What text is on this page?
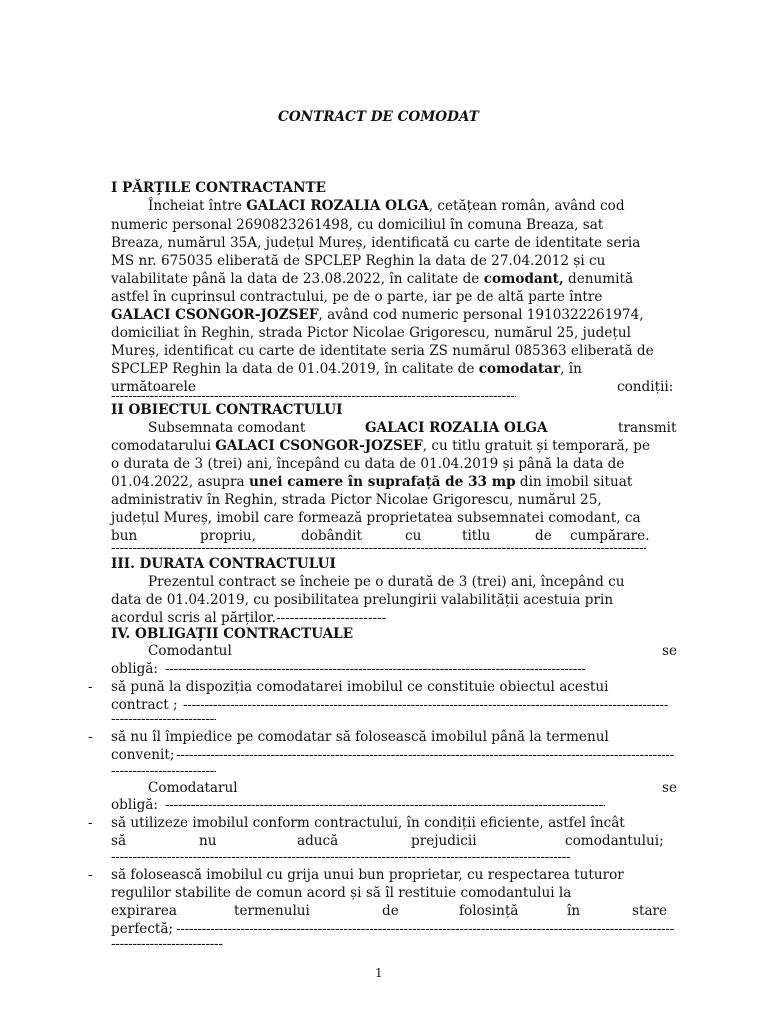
CONTRACT DE COMODAT
I PĂRȚILE CONTRACTANTE
Încheiat între GALACI ROZALIA OLGA, cetățean român, având cod
numeric personal 2690823261498, cu domiciliul în comuna Breaza, sat
Breaza, numărul 35A, județul Mureș, identificată cu carte de identitate seria
MS nr. 675035 eliberată de SPCLEP Reghin la data de 27.04.2012 și cu
valabilitate până la data de 23.08.2022, în calitate de comodant, denumită
astfel în cuprinsul contractului, pe de o parte, iar pe de altă parte între
GALACI CSONGOR-JOZSEF, având cod numeric personal 1910322261974,
domiciliat în Reghin, strada Pictor Nicolae Grigorescu, numărul 25, județul
Mureș, identificat cu carte de identitate seria ZS numărul 085363 eliberată de
SPCLEP Reghin la data de 01.04.2019, în calitate de comodatar, în
următoarele	condiții:
-----
II OBIECTUL CONTRACTULUI
Subsemnata comodant	GALACI ROZALIA OLGA	transmit
comodatarului GALACI CSONGOR-JOZSEF, cu titlu gratuit și temporară, pe
o durata de 3 (trei) ani, începând cu data de 01.04.2019 și până la data de
01.04.2022, asupra unei camere în suprafață de 33 mp din imobil situat
administrativ în Reghin, strada Pictor Nicolae Grigorescu, numărul 25,
județul Mureș, imobil care formează proprietatea subsemnatei comodant, ca
bun	propriu,	dobândit	cu	titlu	de cumpărare.
-----
III. DURATA CONTRACTULUI
Prezentul contract se încheie pe o durată de 3 (trei) ani, începând cu
data de 01.04.2019, cu posibilitatea prelungirii valabilității acestuia prin
acordul scris al părților.------------------------
IV. OBLIGAȚII CONTRACTUALE
Comodantul	se
obligă:
-----
- să pună la dispoziția comodatarei imobilul ce constituie obiectul acestui
contract ;
-----
-----
- să nu îl împiedice pe comodatar să folosească imobilul până la termenul
convenit;
-----
-----
Comodatarul	se
obligă:
-----
- să utilizeze imobilul conform contractului, în condiții eficiente, astfel încât
să	nu	aducă	prejudicii	comodantului;
-----
- să folosească imobilul cu grija unui bun proprietar, cu respectarea tuturor
regulilor stabilite de comun acord și să îl restituie comodantului la
expirarea	termenului	de	folosință	în	stare
perfectă;
-----
-----
1
